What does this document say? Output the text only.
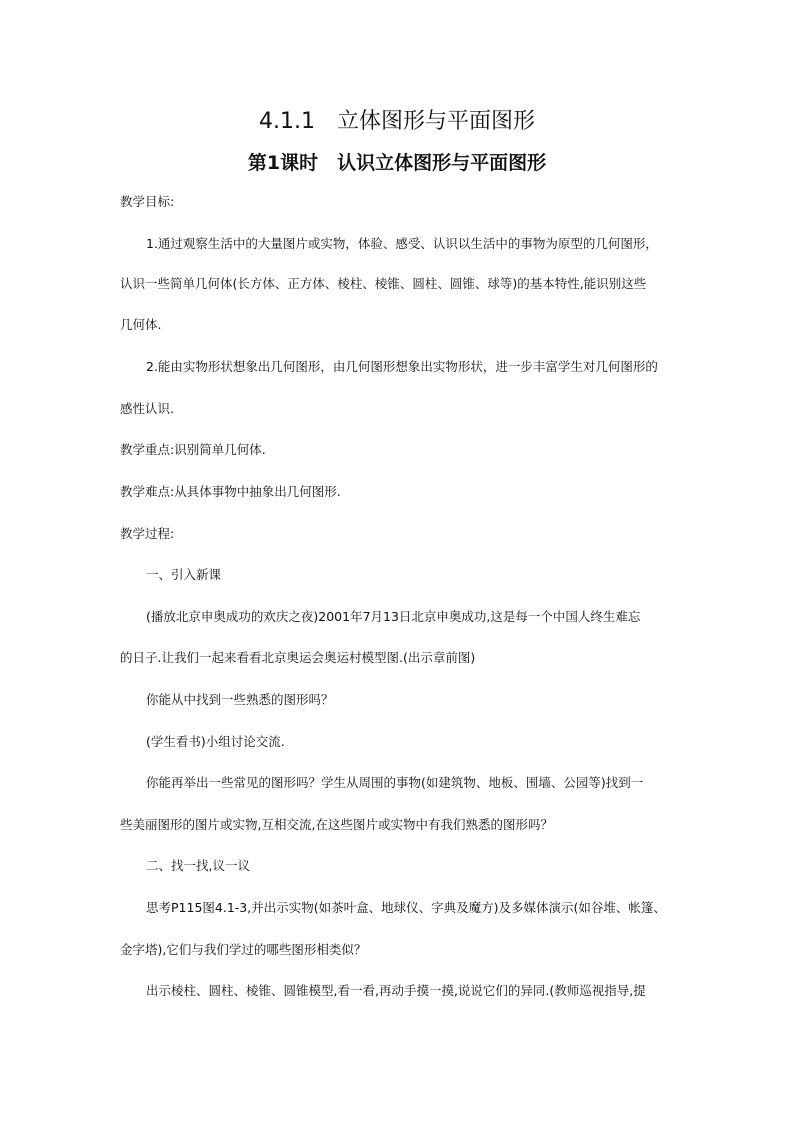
4.1.1　立体图形与平面图形
第1课时　认识立体图形与平面图形
教学目标:
1.通过观察生活中的大量图片或实物，体验、感受、认识以生活中的事物为原型的几何图形，
认识一些简单几何体(长方体、正方体、棱柱、棱锥、圆柱、圆锥、球等)的基本特性,能识别这些
几何体.
2.能由实物形状想象出几何图形，由几何图形想象出实物形状，进一步丰富学生对几何图形的
感性认识.
教学重点:识别简单几何体.
教学难点:从具体事物中抽象出几何图形.
教学过程:
一、引入新课
(播放北京申奥成功的欢庆之夜)2001年7月13日北京申奥成功,这是每一个中国人终生难忘
的日子.让我们一起来看看北京奥运会奥运村模型图.(出示章前图)
你能从中找到一些熟悉的图形吗？
(学生看书)小组讨论交流.
你能再举出一些常见的图形吗？学生从周围的事物(如建筑物、地板、围墙、公园等)找到一
些美丽图形的图片或实物,互相交流,在这些图片或实物中有我们熟悉的图形吗？
二、找一找,议一议
思考P115图4.1-3,并出示实物(如茶叶盒、地球仪、字典及魔方)及多媒体演示(如谷堆、帐篷、
金字塔),它们与我们学过的哪些图形相类似？
出示棱柱、圆柱、棱锥、圆锥模型,看一看,再动手摸一摸,说说它们的异同.(教师巡视指导,提
